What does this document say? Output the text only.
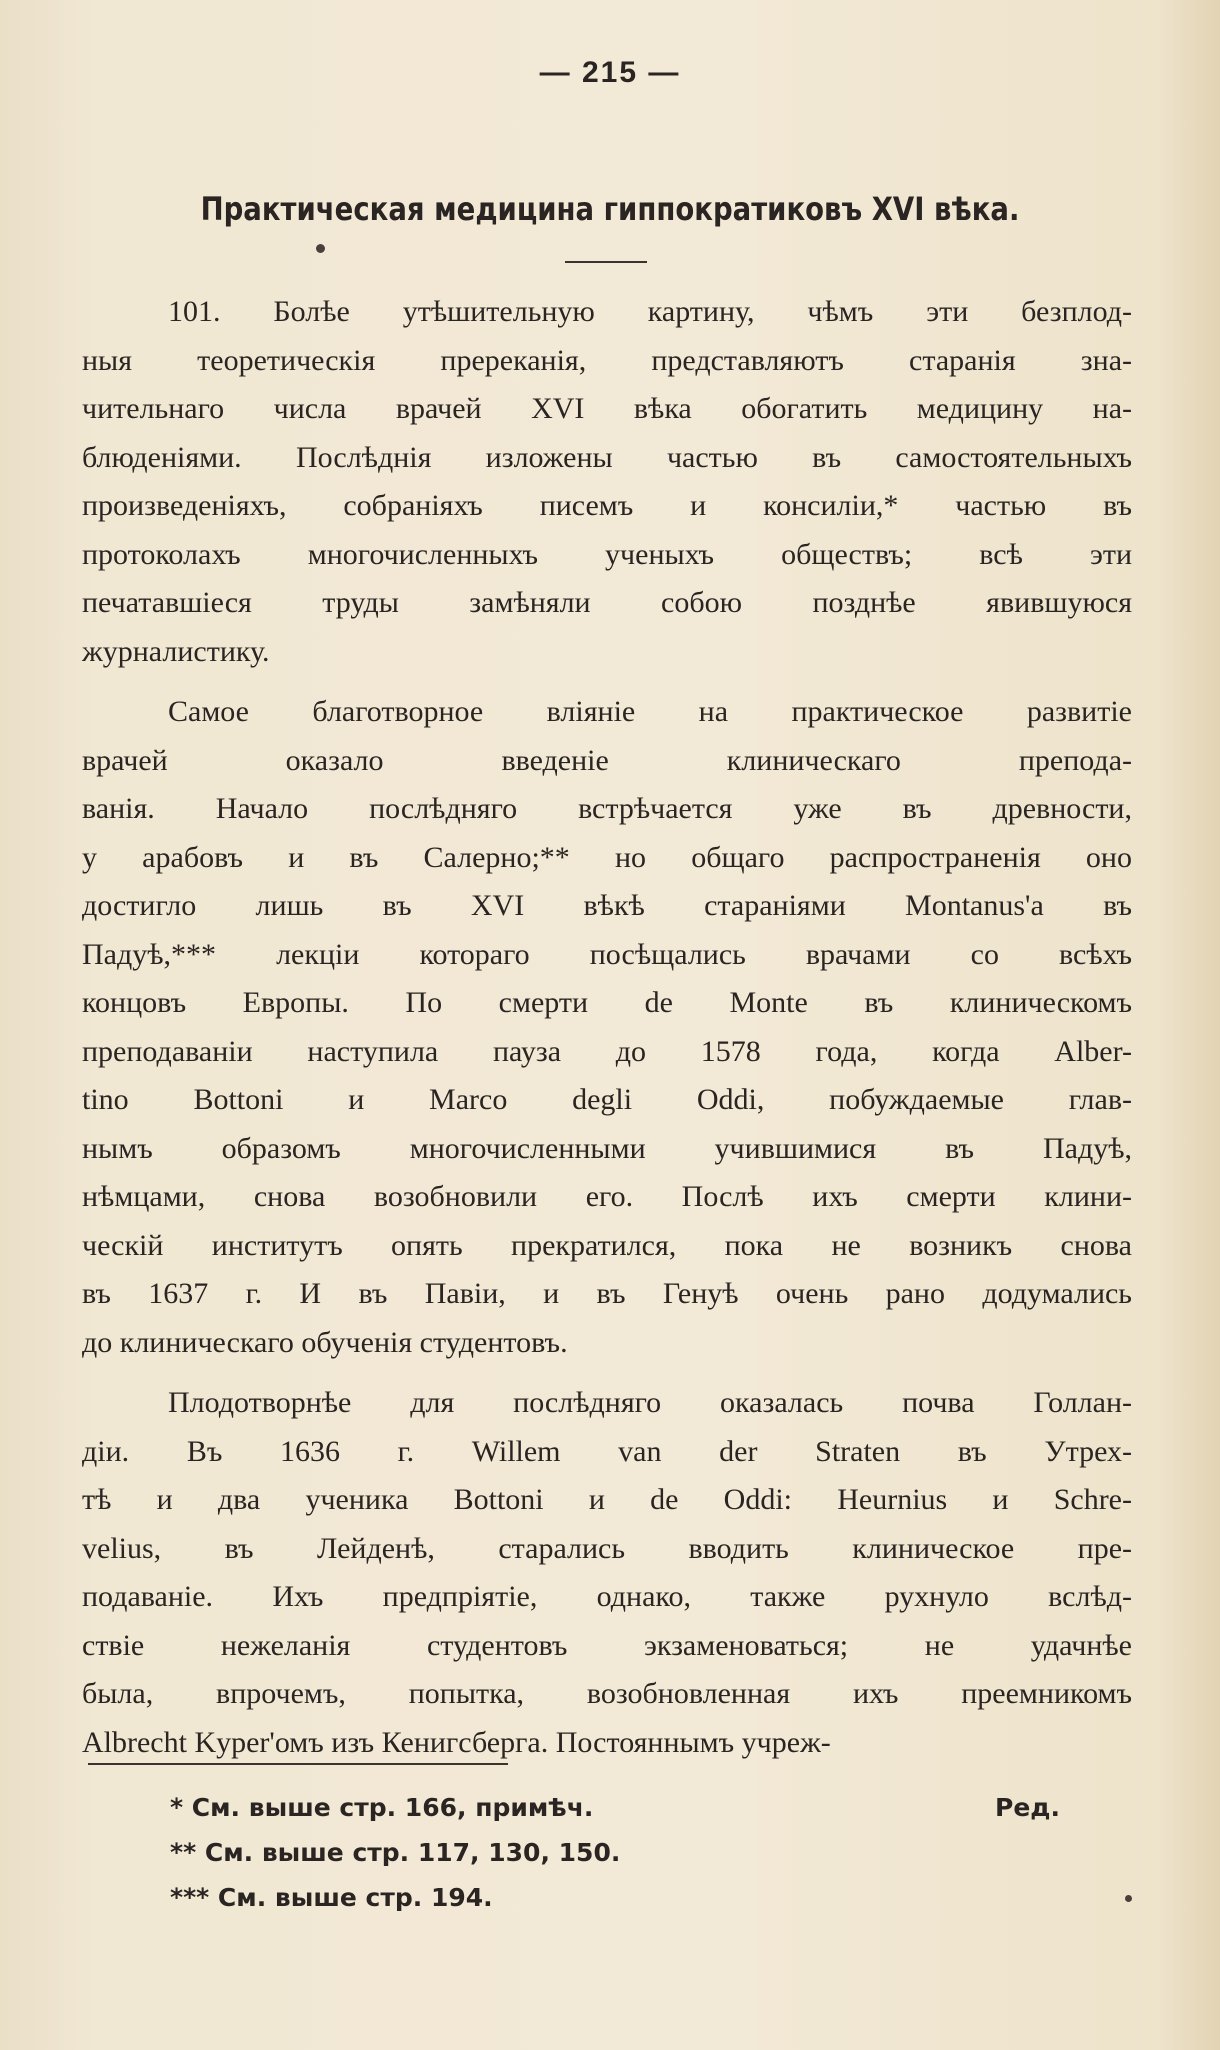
— 215 —
Практическая медицина гиппократиковъ XVI вѣка.
101. Болѣе утѣшительную картину, чѣмъ эти безплод-
ныя теоретическія пререканія, представляютъ старанія зна-
чительнаго числа врачей XVI вѣка обогатить медицину на-
блюденіями. Послѣднія изложены частью въ самостоятельныхъ
произведеніяхъ, собраніяхъ писемъ и консиліи,* частью въ
протоколахъ многочисленныхъ ученыхъ обществъ; всѣ эти
печатавшіеся труды замѣняли собою позднѣе явившуюся
журналистику.
Самое благотворное вліяніе на практическое развитіе
врачей оказало введеніе клиническаго препода-
ванія. Начало послѣдняго встрѣчается уже въ древности,
у арабовъ и въ Салерно;** но общаго распространенія оно
достигло лишь въ XVI вѣкѣ стараніями Montanus'а въ
Падуѣ,*** лекціи котораго посѣщались врачами со всѣхъ
концовъ Европы. По смерти de Monte въ клиническомъ
преподаваніи наступила пауза до 1578 года, когда Alber-
tino Bottoni и Marco degli Oddi, побуждаемые глав-
нымъ образомъ многочисленными учившимися въ Падуѣ,
нѣмцами, снова возобновили его. Послѣ ихъ смерти клини-
ческій институтъ опять прекратился, пока не возникъ снова
въ 1637 г. И въ Павіи, и въ Генуѣ очень рано додумались
до клиническаго обученія студентовъ.
Плодотворнѣе для послѣдняго оказалась почва Голлан-
діи. Въ 1636 г. Willem van der Straten въ Утрех-
тѣ и два ученика Bottoni и de Oddi: Heurnius и Schre-
velius, въ Лейденѣ, старались вводить клиническое пре-
подаваніе. Ихъ предпріятіе, однако, также рухнуло вслѣд-
ствіе нежеланія студентовъ экзаменоваться; не удачнѣе
была, впрочемъ, попытка, возобновленная ихъ преемникомъ
Albrecht Kyper'омъ изъ Кенигсберга. Постояннымъ учреж-
* См. выше стр. 166, примѣч.	Ред.
** См. выше стр. 117, 130, 150.
*** См. выше стр. 194.
